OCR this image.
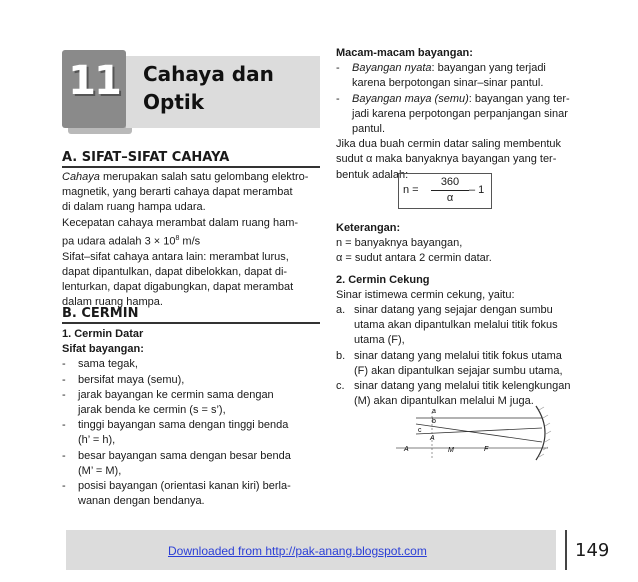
11	Cahaya dan
Optik
A. SIFAT–SIFAT CAHAYA

Cahaya merupakan salah satu gelombang elektro-

magnetik, yang berarti cahaya dapat merambat

di dalam ruang hampa udara.

Kecepatan cahaya merambat dalam ruang ham-

pa udara adalah $3 \times 10^8$ m/s

Sifat–sifat cahaya antara lain: merambat lurus,

dapat dipantulkan, dapat dibelokkan, dapat di-

lenturkan, dapat digabungkan, dapat merambat

dalam ruang hampa.

B. CERMIN

1. Cermin Datar

Sifat bayangan:

- sama tegak,

- bersifat maya (semu),

- jarak bayangan ke cermin sama dengan

jarak benda ke cermin (s = s’),

- tinggi bayangan sama dengan tinggi benda

(h’ = h),

- besar bayangan sama dengan besar benda

(M’ = M),

- posisi bayangan (orientasi kanan kiri) berla-

wanan dengan bendanya.

Macam-macam bayangan:

- Bayangan nyata: bayangan yang terjadi

karena berpotongan sinar–sinar pantul.

- Bayangan maya (semu): bayangan yang ter-

jadi karena perpotongan perpanjangan sinar

pantul.

Jika dua buah cermin datar saling membentuk

sudut α maka banyaknya bayangan yang ter-

bentuk adalah:

n =
360
α
– 1

Keterangan:

n = banyaknya bayangan,

α = sudut antara 2 cermin datar.

2. Cermin Cekung

Sinar istimewa cermin cekung, yaitu:

a. sinar datang yang sejajar dengan sumbu

utama akan dipantulkan melalui titik fokus

utama (F),

b. sinar datang yang melalui titik fokus utama

(F) akan dipantulkan sejajar sumbu utama,

c. sinar datang yang melalui titik kelengkungan

(M) akan dipantulkan melalui M juga.

a
b
c
A
A	M	F
Downloaded from http://pak-anang.blogspot.com	149
